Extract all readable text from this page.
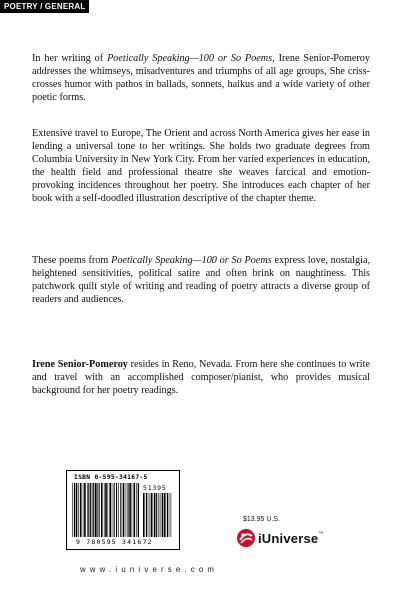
POETRY / GENERAL

In her writing of Poetically Speaking—100 or So Poems, Irene Senior-Pomeroy addresses the whimseys, misadventures and triumphs of all age groups, She criss-crosses humor with pathos in ballads, sonnets, haikus and a wide variety of other poetic forms.

Extensive travel to Europe, The Orient and across North America gives her ease in lending a universal tone to her writings. She holds two graduate degrees from Columbia University in New York City. From her varied experiences in education, the health field and professional theatre she weaves farcical and emotion-provoking incidences throughout her poetry. She introduces each chapter of her book with a self-doodled illustration descriptive of the chapter theme.

These poems from Poetically Speaking—100 or So Poems express love, nostalgia, heightened sensitivities, political satire and often brink on naughtiness. This patchwork quilt style of writing and reading of poetry attracts a diverse group of readers and audiences.

Irene Senior-Pomeroy resides in Reno, Nevada. From here she continues to write and travel with an accomplished composer/pianist, who provides musical background for her poetry readings.

ISBN 0-595-34167-5
9 780595 341672
51395
$13.95 U.S.
iUniverse™
www.iuniverse.com
